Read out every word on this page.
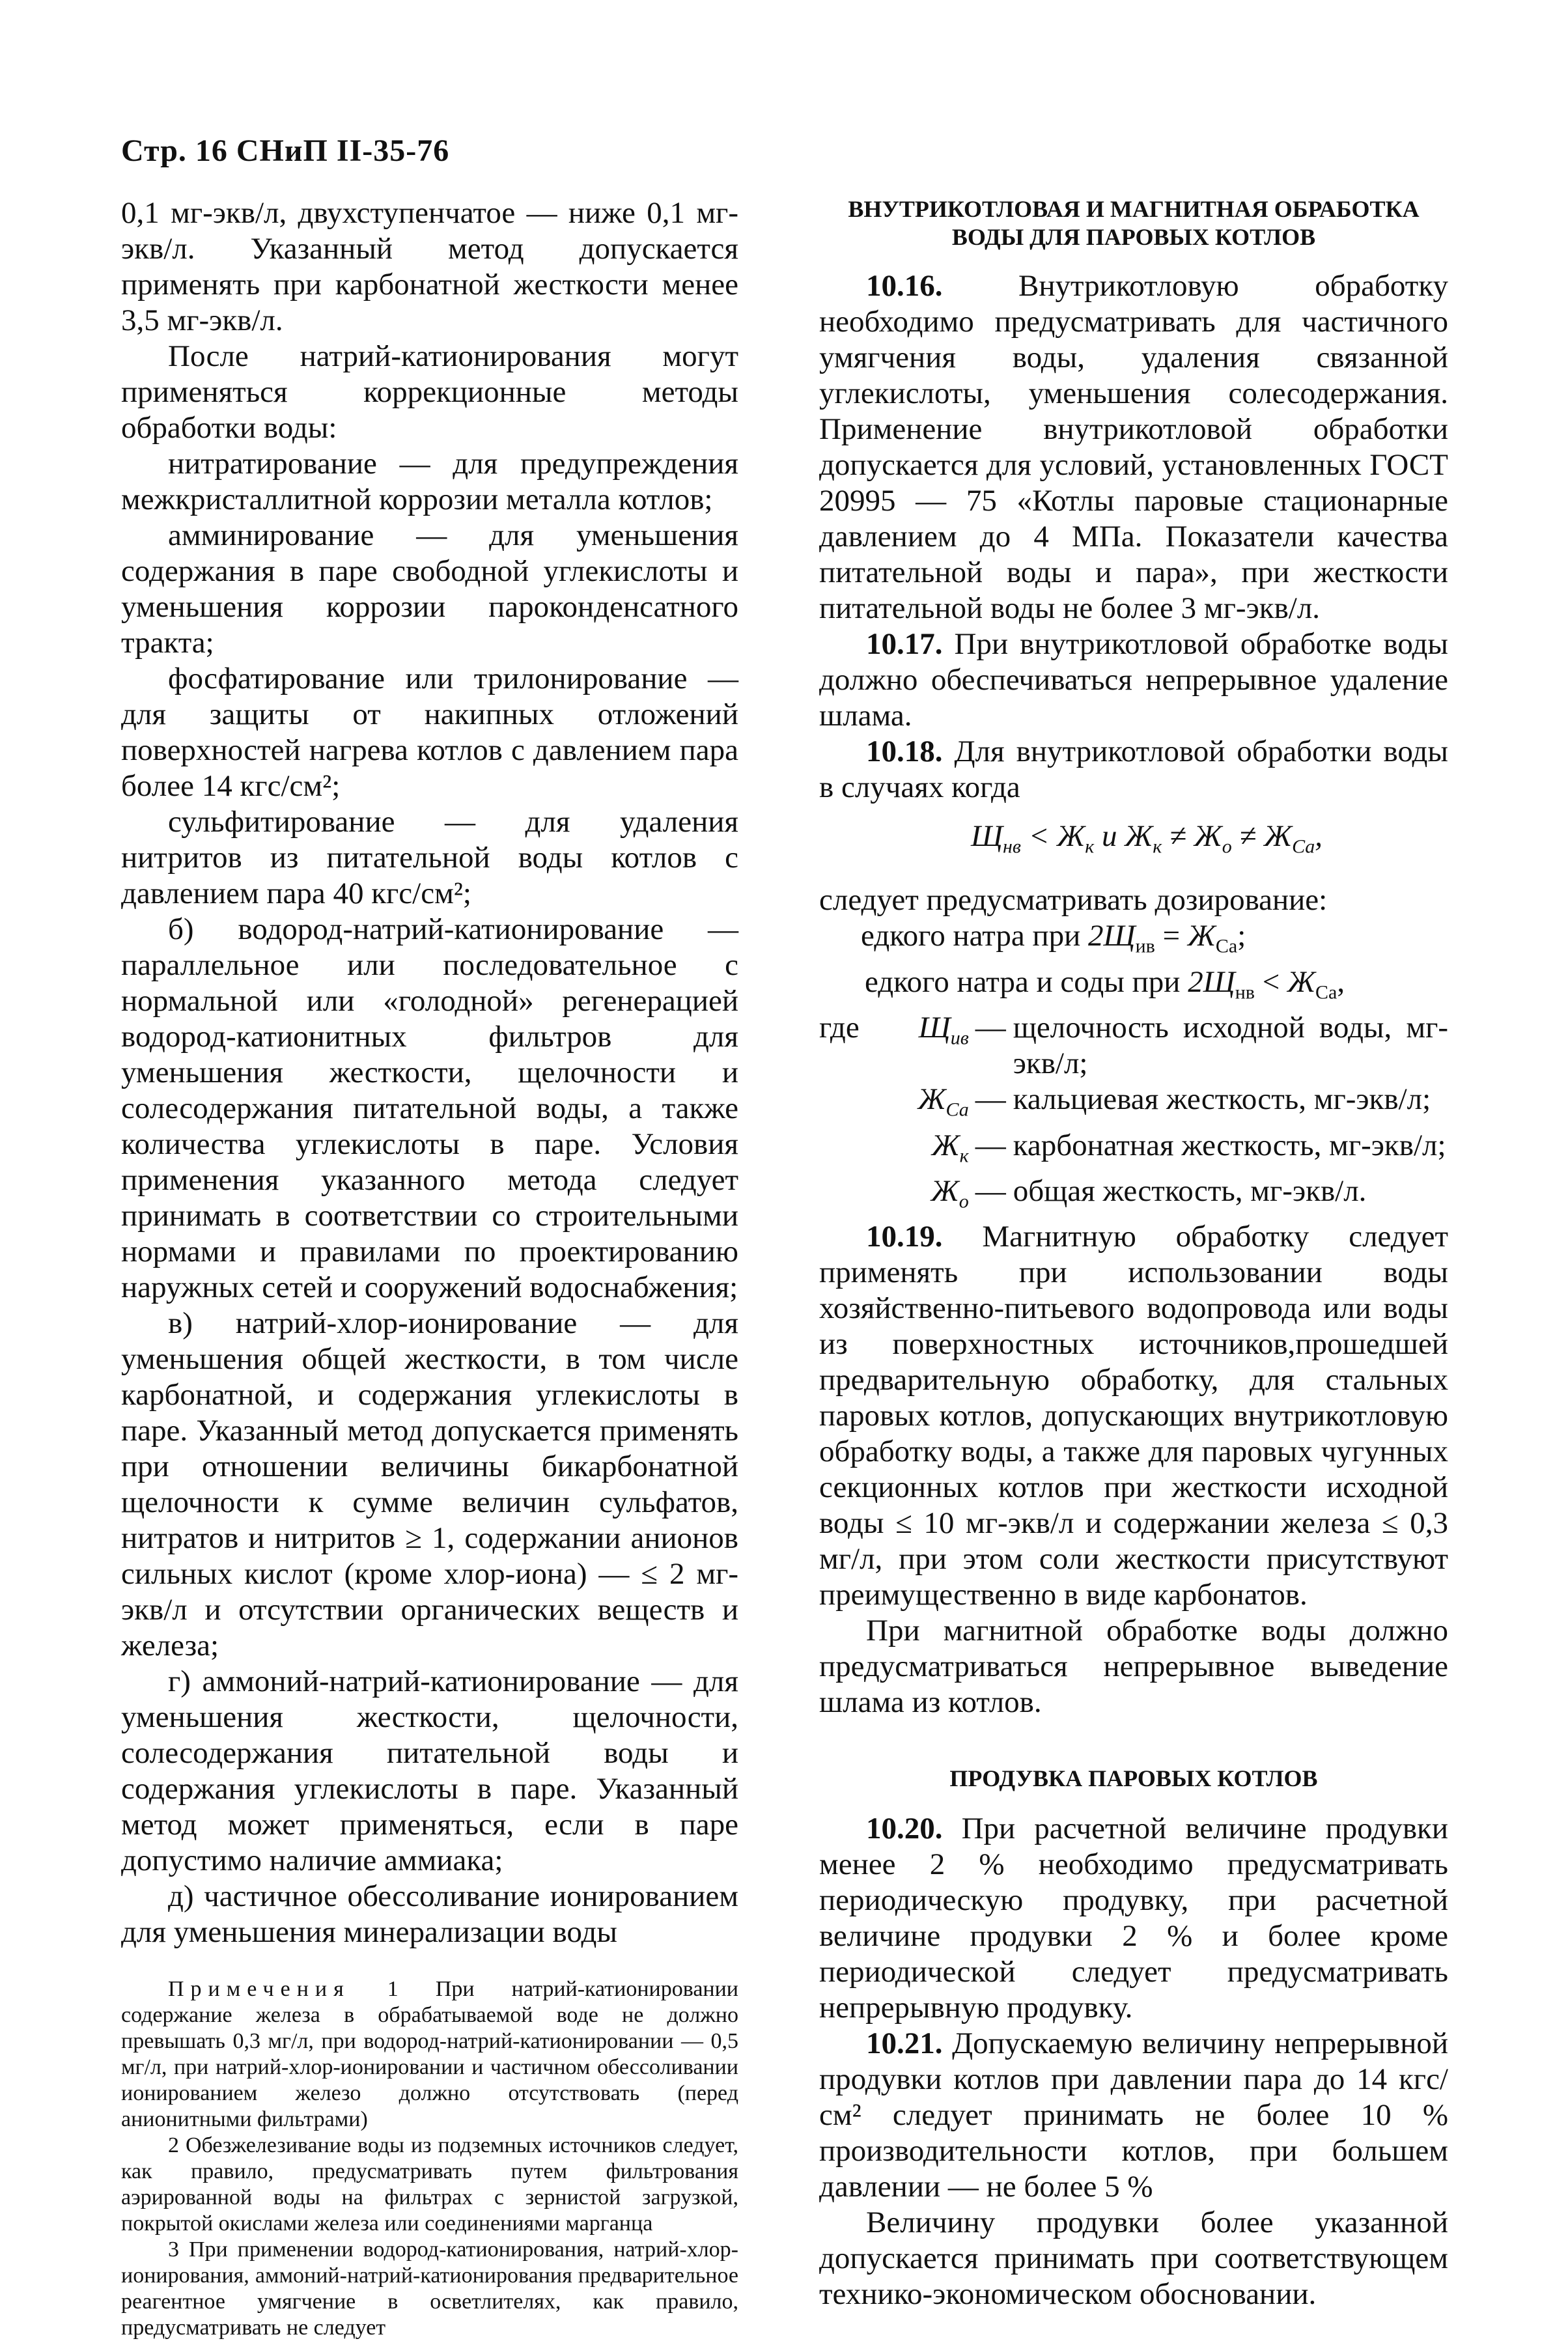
Стр. 16 СНиП II-35-76

0,1 мг-экв/л, двухступенчатое — ниже 0,1 мг-экв/л. Указанный метод допускается применять при карбонатной жесткости менее 3,5 мг-экв/л.

После натрий-катионирования могут применяться коррекционные методы обработки воды:

нитратирование — для предупреждения межкристаллитной коррозии металла котлов;

амминирование — для уменьшения содержания в паре свободной углекислоты и уменьшения коррозии пароконденсатного тракта;

фосфатирование или трилонирование — для защиты от накипных отложений поверхностей нагрева котлов с давлением пара более 14 кгс/см²;

сульфитирование — для удаления нитритов из питательной воды котлов с давлением пара 40 кгс/см²;

б) водород-натрий-катионирование — параллельное или последовательное с нормальной или «голодной» регенерацией водород-катионитных фильтров для уменьшения жесткости, щелочности и солесодержания питательной воды, а также количества углекислоты в паре. Условия применения указанного метода следует принимать в соответствии со строительными нормами и правилами по проектированию наружных сетей и сооружений водоснабжения;

в) натрий-хлор-ионирование — для уменьшения общей жесткости, в том числе карбонатной, и содержания углекислоты в паре. Указанный метод допускается применять при отношении величины бикарбонатной щелочности к сумме величин сульфатов, нитратов и нитритов ≥ 1, содержании анионов сильных кислот (кроме хлор-иона) — ≤ 2 мг-экв/л и отсутствии органических веществ и железа;

г) аммоний-натрий-катионирование — для уменьшения жесткости, щелочности, солесодержания питательной воды и содержания углекислоты в паре. Указанный метод может применяться, если в паре допустимо наличие аммиака;

д) частичное обессоливание ионированием для уменьшения минерализации воды

Примечения 1 При натрий-катионировании содержание железа в обрабатываемой воде не должно превышать 0,3 мг/л, при водород-натрий-катионировании — 0,5 мг/л, при натрий-хлор-ионировании и частичном обессоливании ионированием железо должно отсутствовать (перед анионитными фильтрами)

2 Обезжелезивание воды из подземных источников следует, как правило, предусматривать путем фильтрования аэрированной воды на фильтрах с зернистой загрузкой, покрытой окислами железа или соединениями марганца

3 При применении водород-катионирования, натрий-хлор-ионирования, аммоний-натрий-катионирования предварительное реагентное умягчение в осветлителях, как правило, предусматривать не следует

ВНУТРИКОТЛОВАЯ И МАГНИТНАЯ ОБРАБОТКА ВОДЫ ДЛЯ ПАРОВЫХ КОТЛОВ

10.16. Внутрикотловую обработку необходимо предусматривать для частичного умягчения воды, удаления связанной углекислоты, уменьшения солесодержания. Применение внутрикотловой обработки допускается для условий, установленных ГОСТ 20995 — 75 «Котлы паровые стационарные давлением до 4 МПа. Показатели качества питательной воды и пара», при жесткости питательной воды не более 3 мг-экв/л.

10.17. При внутрикотловой обработке воды должно обеспечиваться непрерывное удаление шлама.

10.18. Для внутрикотловой обработки воды в случаях когда

$Щ_{нв} < Ж_к$ и $Ж_к \ne Ж_о \ne Ж_{Са}$,

следует предусматривать дозирование:

едкого натра при $2Щ_{ив} = Ж_{Са}$;

едкого натра и соды при $2Щ_{нв} < Ж_{Са}$,

где	$Щ_{ив}$	—	щелочность исходной воды, мг-экв/л;
	$Ж_{Са}$	—	кальциевая жесткость, мг-экв/л;
	$Ж_к$	—	карбонатная жесткость, мг-экв/л;
	$Ж_о$	—	общая жесткость, мг-экв/л.

10.19. Магнитную обработку следует применять при использовании воды хозяйственно-питьевого водопровода или воды из поверхностных источников,прошедшей предварительную обработку, для стальных паровых котлов, допускающих внутрикотловую обработку воды, а также для паровых чугунных секционных котлов при жесткости исходной воды ≤ 10 мг-экв/л и содержании железа ≤ 0,3 мг/л, при этом соли жесткости присутствуют преимущественно в виде карбонатов.

При магнитной обработке воды должно предусматриваться непрерывное выведение шлама из котлов.

ПРОДУВКА ПАРОВЫХ КОТЛОВ

10.20. При расчетной величине продувки менее 2 % необходимо предусматривать периодическую продувку, при расчетной величине продувки 2 % и более кроме периодической следует предусматривать непрерывную продувку.

10.21. Допускаемую величину непрерывной продувки котлов при давлении пара до 14 кгс/см² следует принимать не более 10 % производительности котлов, при большем давлении — не более 5 %

Величину продувки более указанной допускается принимать при соответствующем технико-экономическом обосновании.
